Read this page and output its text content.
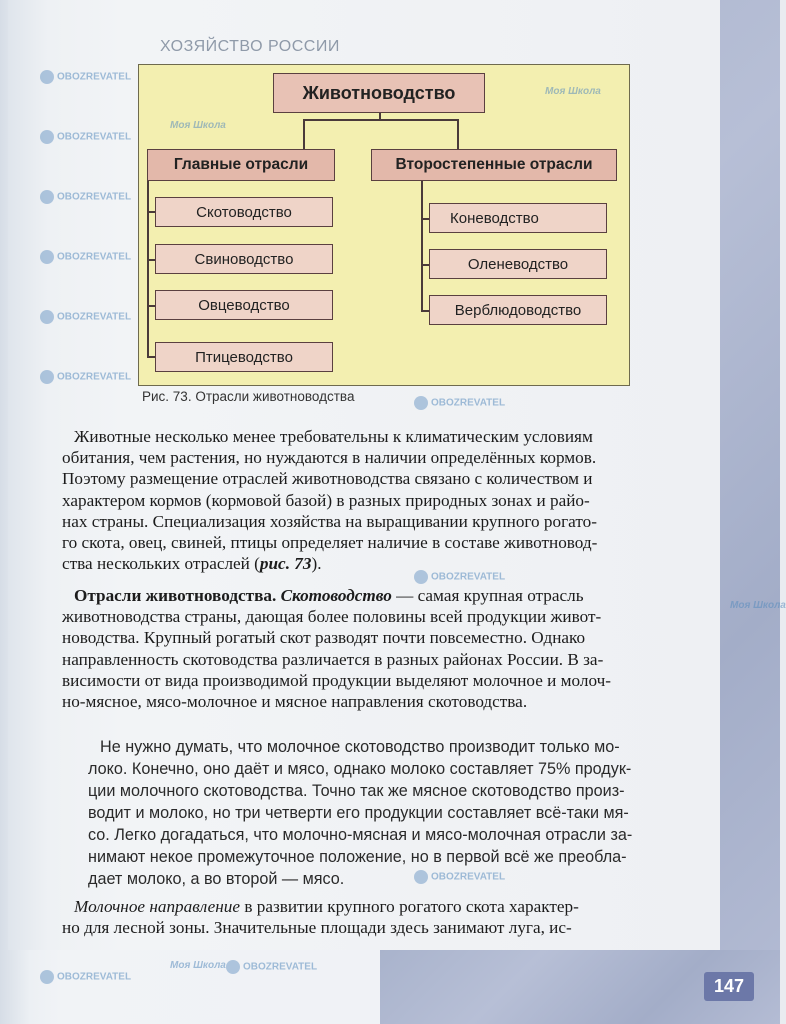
ХОЗЯЙСТВО РОССИИ
Животноводство
Главные отрасли	Второстепенные отрасли
Скотоводство
Свиноводство
Овцеводство
Птицеводство
Коневодство
Оленеводство
Верблюдоводство
Рис. 73. Отрасли животноводства
Животные несколько менее требовательны к климатическим условиям
обитания, чем растения, но нуждаются в наличии определённых кормов.
Поэтому размещение отраслей животноводства связано с количеством и
характером кормов (кормовой базой) в разных природных зонах и райо-
нах страны. Специализация хозяйства на выращивании крупного рогато-
го скота, овец, свиней, птицы определяет наличие в составе животновод-
ства нескольких отраслей (рис. 73).
Отрасли животноводства. Скотоводство — самая крупная отрасль
животноводства страны, дающая более половины всей продукции живот-
новодства. Крупный рогатый скот разводят почти повсеместно. Однако
направленность скотоводства различается в разных районах России. В за-
висимости от вида производимой продукции выделяют молочное и молоч-
но-мясное, мясо-молочное и мясное направления скотоводства.
Не нужно думать, что молочное скотоводство производит только мо-
локо. Конечно, оно даёт и мясо, однако молоко составляет 75% продук-
ции молочного скотоводства. Точно так же мясное скотоводство произ-
водит и молоко, но три четверти его продукции составляет всё-таки мя-
со. Легко догадаться, что молочно-мясная и мясо-молочная отрасли за-
нимают некое промежуточное положение, но в первой всё же преобла-
дает молоко, а во второй — мясо.
Молочное направление в развитии крупного рогатого скота характер-
но для лесной зоны. Значительные площади здесь занимают луга, ис-
147
OBOZREVATEL
OBOZREVATEL
OBOZREVATEL
OBOZREVATEL
OBOZREVATEL
OBOZREVATEL
OBOZREVATEL
OBOZREVATEL
OBOZREVATEL
OBOZREVATEL
OBOZREVATEL
Моя Школа
Моя Школа
Моя Школа
Моя Школа
